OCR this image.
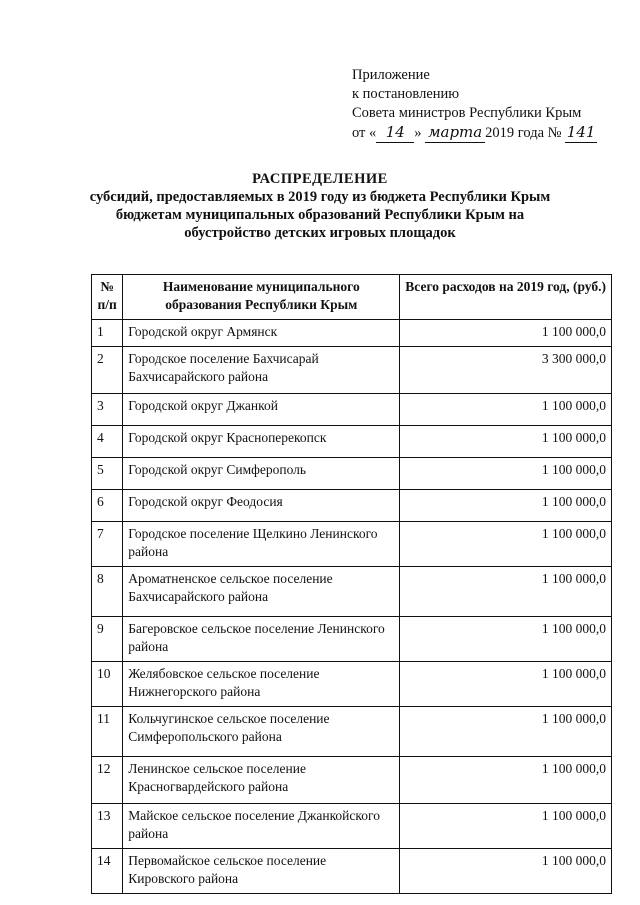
Приложение
к постановлению
Совета министров Республики Крым
от « 14 » марта 2019 года № 141
РАСПРЕДЕЛЕНИЕ
субсидий, предоставляемых в 2019 году из бюджета Республики Крым
бюджетам муниципальных образований Республики Крым на
обустройство детских игровых площадок
№ п/п	Наименование муниципального образования Республики Крым	Всего расходов на 2019 год, (руб.)
1	Городской округ Армянск	1 100 000,0
2	Городское поселение Бахчисарай Бахчисарайского района	3 300 000,0
3	Городской округ Джанкой	1 100 000,0
4	Городской округ Красноперекопск	1 100 000,0
5	Городской округ Симферополь	1 100 000,0
6	Городской округ Феодосия	1 100 000,0
7	Городское поселение Щелкино Ленинского района	1 100 000,0
8	Ароматненское сельское поселение Бахчисарайского района	1 100 000,0
9	Багеровское сельское поселение Ленинского района	1 100 000,0
10	Желябовское сельское поселение Нижнегорского района	1 100 000,0
11	Кольчугинское сельское поселение Симферопольского района	1 100 000,0
12	Ленинское сельское поселение Красногвардейского района	1 100 000,0
13	Майское сельское поселение Джанкойского района	1 100 000,0
14	Первомайское сельское поселение Кировского района	1 100 000,0
